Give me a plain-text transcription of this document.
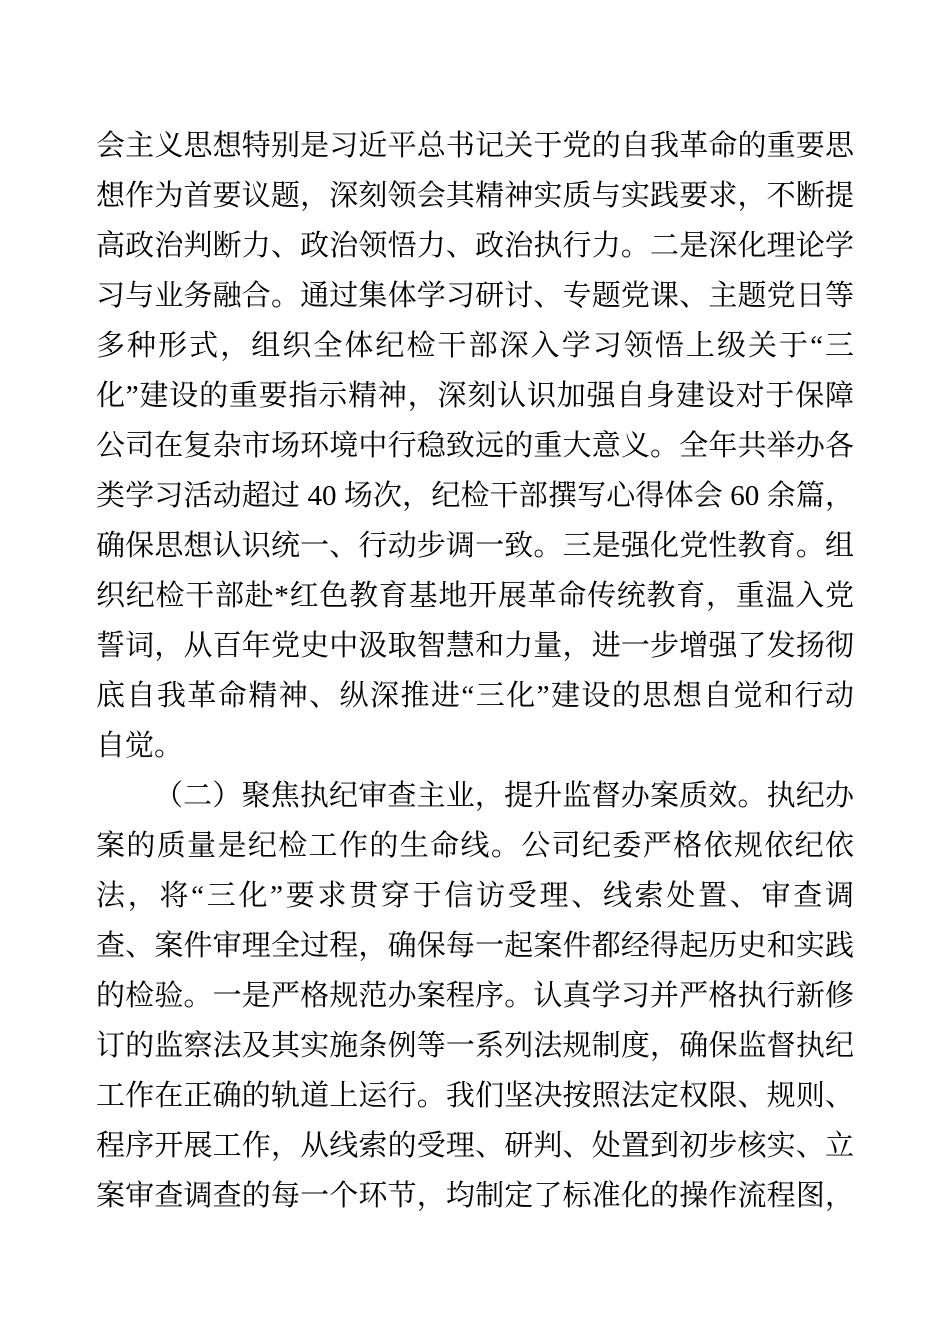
会主义思想特别是习近平总书记关于党的自我革命的重要思
想作为首要议题，深刻领会其精神实质与实践要求，不断提
高政治判断力、政治领悟力、政治执行力。二是深化理论学
习与业务融合。通过集体学习研讨、专题党课、主题党日等
多种形式，组织全体纪检干部深入学习领悟上级关于“三
化”建设的重要指示精神，深刻认识加强自身建设对于保障
公司在复杂市场环境中行稳致远的重大意义。全年共举办各
类学习活动超过 40 场次，纪检干部撰写心得体会 60 余篇，
确保思想认识统一、行动步调一致。三是强化党性教育。组
织纪检干部赴*红色教育基地开展革命传统教育，重温入党
誓词，从百年党史中汲取智慧和力量，进一步增强了发扬彻
底自我革命精神、纵深推进“三化”建设的思想自觉和行动
自觉。
（二）聚焦执纪审查主业，提升监督办案质效。执纪办
案的质量是纪检工作的生命线。公司纪委严格依规依纪依
法，将“三化”要求贯穿于信访受理、线索处置、审查调
查、案件审理全过程，确保每一起案件都经得起历史和实践
的检验。一是严格规范办案程序。认真学习并严格执行新修
订的监察法及其实施条例等一系列法规制度，确保监督执纪
工作在正确的轨道上运行。我们坚决按照法定权限、规则、
程序开展工作，从线索的受理、研判、处置到初步核实、立
案审查调查的每一个环节，均制定了标准化的操作流程图，
